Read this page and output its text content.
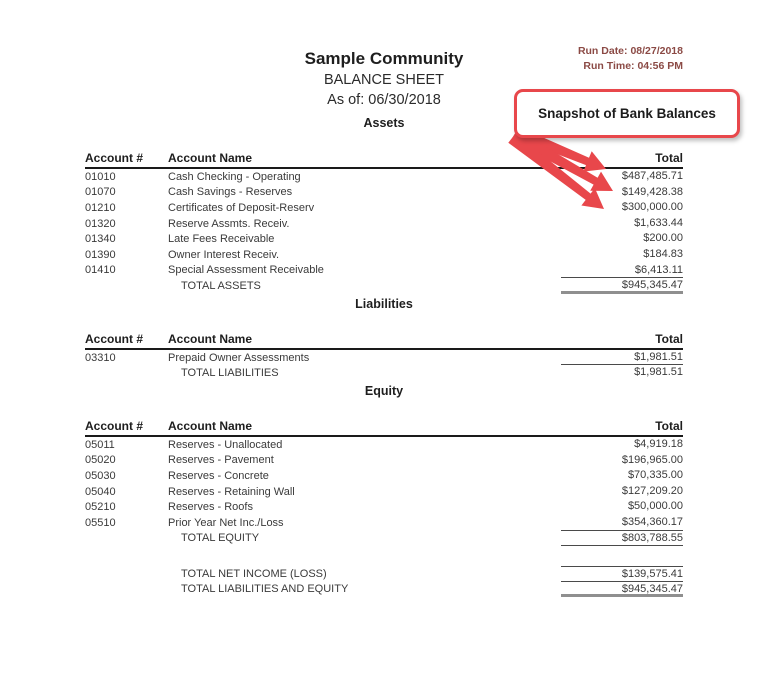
Run Date: 08/27/2018
Run Time: 04:56 PM
Sample Community
BALANCE SHEET
As of: 06/30/2018
Assets
Account #	Account Name	Total
01010	Cash Checking - Operating	$487,485.71
01070	Cash Savings - Reserves	$149,428.38
01210	Certificates of Deposit-Reserv	$300,000.00
01320	Reserve Assmts. Receiv.	$1,633.44
01340	Late Fees Receivable	$200.00
01390	Owner Interest Receiv.	$184.83
01410	Special Assessment Receivable	$6,413.11
TOTAL ASSETS	$945,345.47
Liabilities
Account #	Account Name	Total
03310	Prepaid Owner Assessments	$1,981.51
TOTAL LIABILITIES	$1,981.51
Equity
Account #	Account Name	Total
05011	Reserves - Unallocated	$4,919.18
05020	Reserves - Pavement	$196,965.00
05030	Reserves - Concrete	$70,335.00
05040	Reserves - Retaining Wall	$127,209.20
05210	Reserves - Roofs	$50,000.00
05510	Prior Year Net Inc./Loss	$354,360.17
TOTAL EQUITY	$803,788.55
TOTAL NET INCOME (LOSS)	$139,575.41
TOTAL LIABILITIES AND EQUITY	$945,345.47
Snapshot of Bank Balances
